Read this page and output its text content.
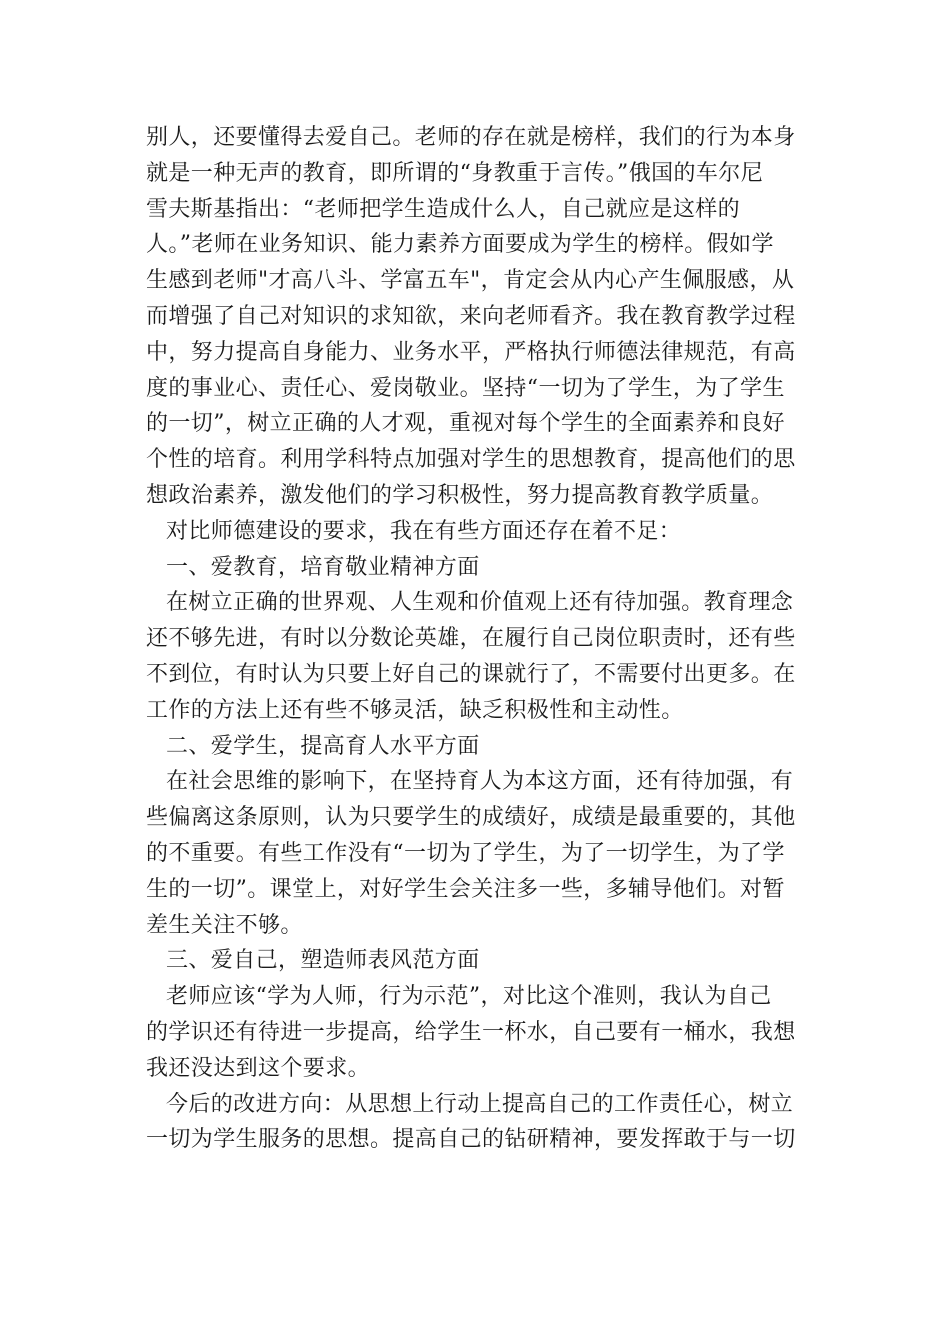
别人，还要懂得去爱自己。老师的存在就是榜样，我们的行为本身
就是一种无声的教育，即所谓的“身教重于言传。”俄国的车尔尼
雪夫斯基指出：“老师把学生造成什么人，自己就应是这样的
人。”老师在业务知识、能力素养方面要成为学生的榜样。假如学
生感到老师"才高八斗、学富五车"，肯定会从内心产生佩服感，从
而增强了自己对知识的求知欲，来向老师看齐。我在教育教学过程
中，努力提高自身能力、业务水平，严格执行师德法律规范，有高
度的事业心、责任心、爱岗敬业。坚持“一切为了学生，为了学生
的一切”，树立正确的人才观，重视对每个学生的全面素养和良好
个性的培育。利用学科特点加强对学生的思想教育，提高他们的思
想政治素养，激发他们的学习积极性，努力提高教育教学质量。
对比师德建设的要求，我在有些方面还存在着不足：
一、爱教育，培育敬业精神方面
在树立正确的世界观、人生观和价值观上还有待加强。教育理念
还不够先进，有时以分数论英雄，在履行自己岗位职责时，还有些
不到位，有时认为只要上好自己的课就行了，不需要付出更多。在
工作的方法上还有些不够灵活，缺乏积极性和主动性。
二、爱学生，提高育人水平方面
在社会思维的影响下，在坚持育人为本这方面，还有待加强，有
些偏离这条原则，认为只要学生的成绩好，成绩是最重要的，其他
的不重要。有些工作没有“一切为了学生，为了一切学生，为了学
生的一切”。课堂上，对好学生会关注多一些，多辅导他们。对暂
差生关注不够。
三、爱自己，塑造师表风范方面
老师应该“学为人师，行为示范”，对比这个准则，我认为自己
的学识还有待进一步提高，给学生一杯水，自己要有一桶水，我想
我还没达到这个要求。
今后的改进方向：从思想上行动上提高自己的工作责任心，树立
一切为学生服务的思想。提高自己的钻研精神，要发挥敢于与一切
